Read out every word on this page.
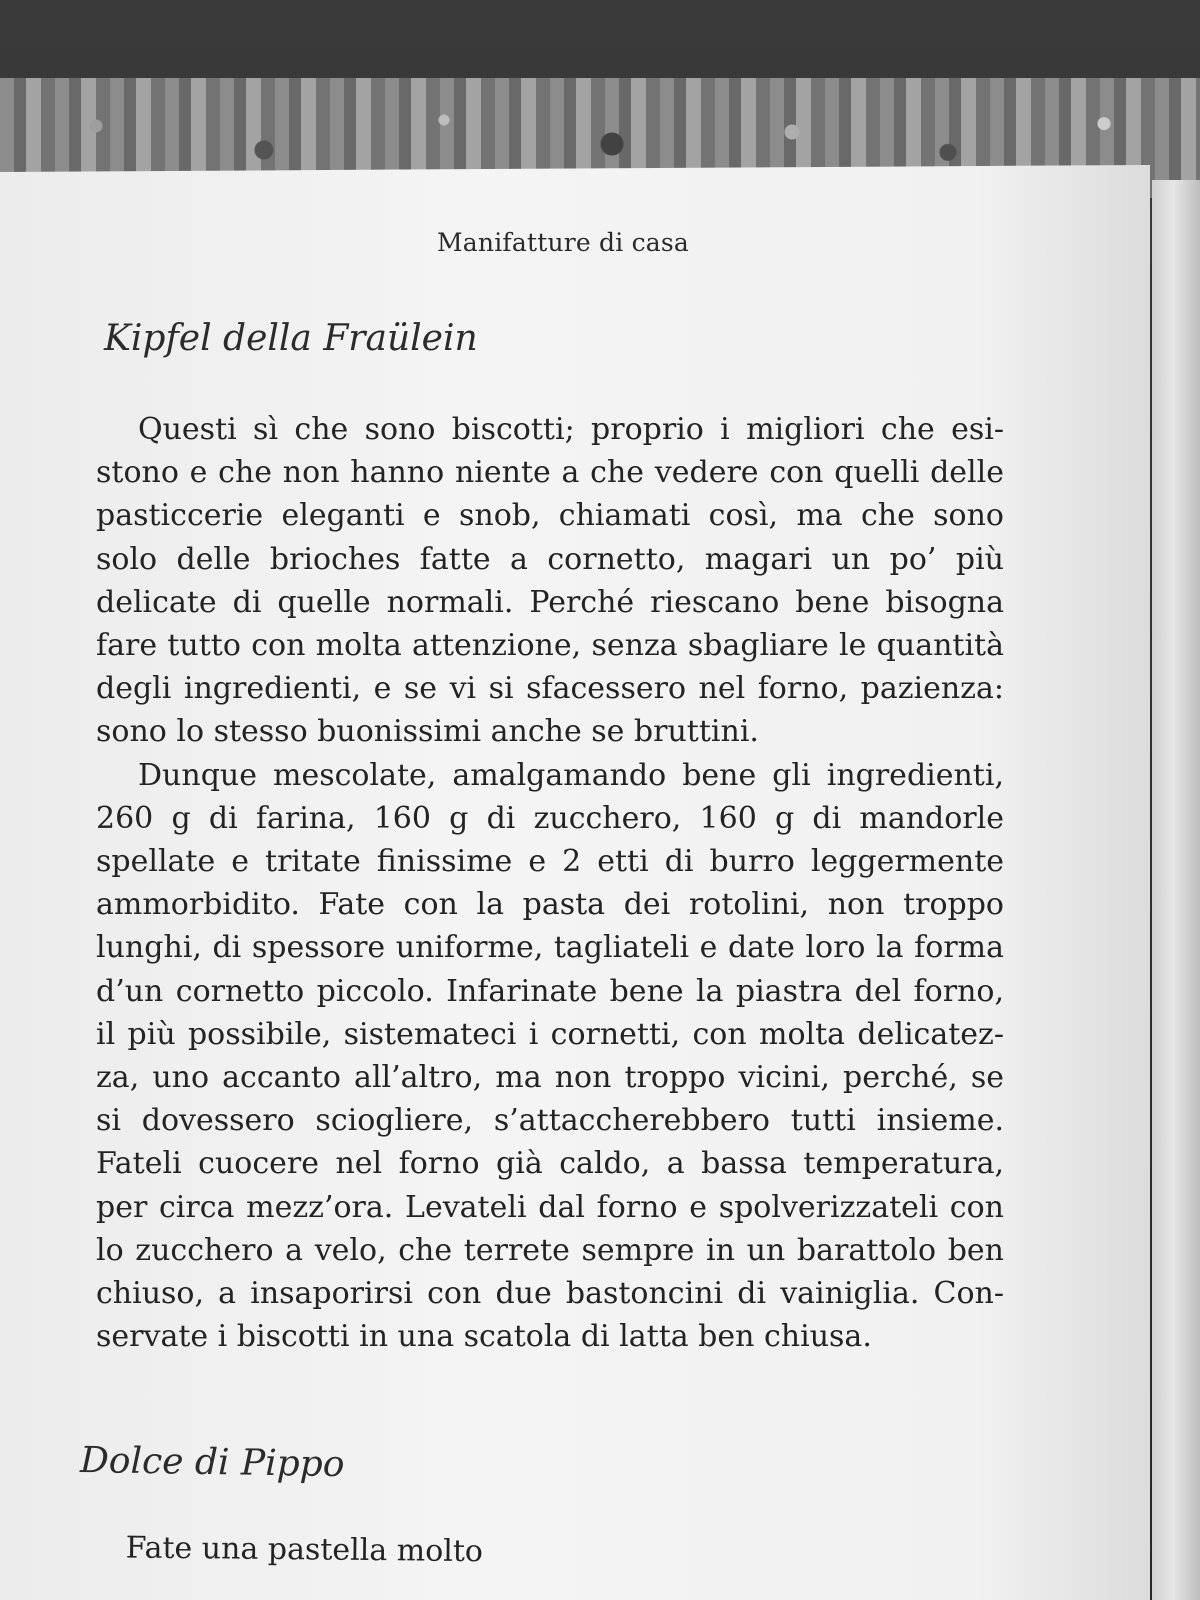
Manifatture di casa
Kipfel della Fraülein

Questi sì che sono biscotti; proprio i migliori che esistono e che non hanno niente a che vedere con quelli delle pasticcerie eleganti e snob, chiamati così, ma che sono solo delle brioches fatte a cornetto, magari un po’ più delicate di quelle normali. Perché riescano bene bisogna fare tutto con molta attenzione, senza sbagliare le quantità degli ingredienti, e se vi si sfacessero nel forno, pazienza: sono lo stesso buonissimi anche se bruttini.

Dunque mescolate, amalgamando bene gli ingredienti, 260 g di farina, 160 g di zucchero, 160 g di mandorle spellate e tritate finissime e 2 etti di burro leggermente ammorbidito. Fate con la pasta dei rotolini, non troppo lunghi, di spessore uniforme, tagliateli e date loro la forma d’un cornetto piccolo. Infarinate bene la piastra del forno, il più possibile, sistemateci i cornetti, con molta delicatezza, uno accanto all’altro, ma non troppo vicini, perché, se si dovessero sciogliere, s’attaccherebbero tutti insieme. Fateli cuocere nel forno già caldo, a bassa temperatura, per circa mezz’ora. Levateli dal forno e spolverizzateli con lo zucchero a velo, che terrete sempre in un barattolo ben chiuso, a insaporirsi con due bastoncini di vainiglia. Conservate i biscotti in una scatola di latta ben chiusa.

Dolce di Pippo

Fate una pastella molto
